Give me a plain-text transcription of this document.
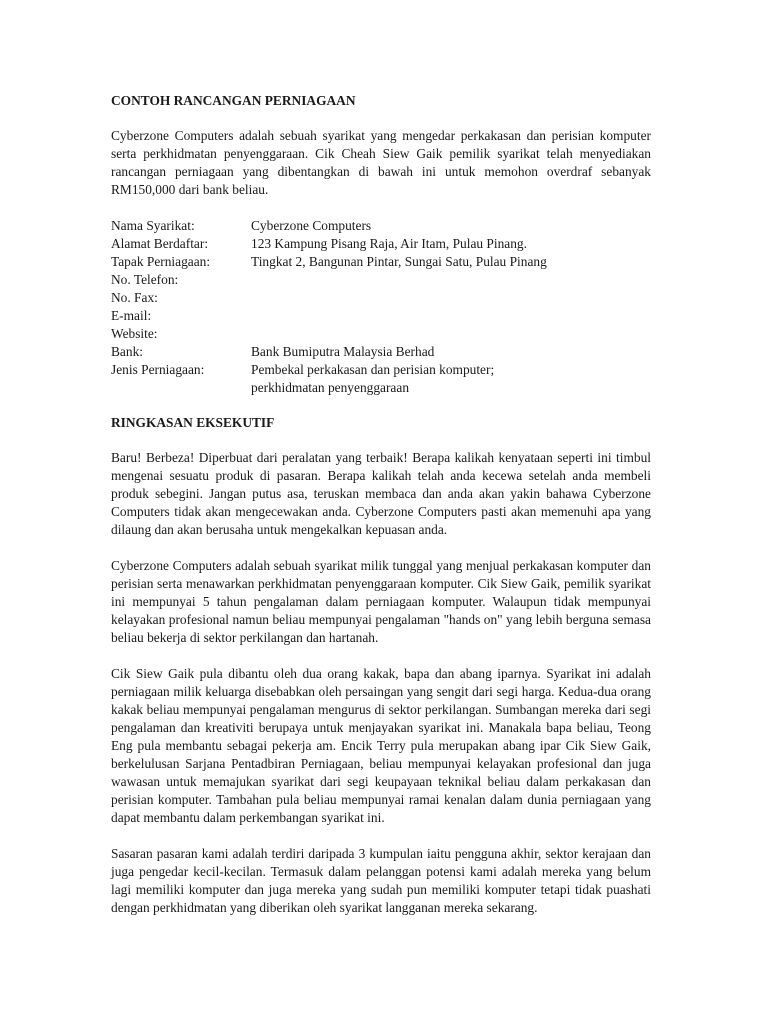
CONTOH RANCANGAN PERNIAGAAN
Cyberzone Computers adalah sebuah syarikat yang mengedar perkakasan dan perisian komputer serta perkhidmatan penyenggaraan. Cik Cheah Siew Gaik pemilik syarikat telah menyediakan rancangan perniagaan yang dibentangkan di bawah ini untuk memohon overdraf sebanyak RM150,000 dari bank beliau.
Nama Syarikat:	Cyberzone Computers
Alamat Berdaftar:	123 Kampung Pisang Raja, Air Itam, Pulau Pinang.
Tapak Perniagaan:	Tingkat 2, Bangunan Pintar, Sungai Satu, Pulau Pinang
No. Telefon:
No. Fax:
E-mail:
Website:
Bank:	Bank Bumiputra Malaysia Berhad
Jenis Perniagaan:	Pembekal perkakasan dan perisian komputer;
perkhidmatan penyenggaraan
RINGKASAN EKSEKUTIF
Baru! Berbeza! Diperbuat dari peralatan yang terbaik! Berapa kalikah kenyataan seperti ini timbul mengenai sesuatu produk di pasaran. Berapa kalikah telah anda kecewa setelah anda membeli produk sebegini. Jangan putus asa, teruskan membaca dan anda akan yakin bahawa Cyberzone Computers tidak akan mengecewakan anda. Cyberzone Computers pasti akan memenuhi apa yang dilaung dan akan berusaha untuk mengekalkan kepuasan anda.
Cyberzone Computers adalah sebuah syarikat milik tunggal yang menjual perkakasan komputer dan perisian serta menawarkan perkhidmatan penyenggaraan komputer. Cik Siew Gaik, pemilik syarikat ini mempunyai 5 tahun pengalaman dalam perniagaan komputer. Walaupun tidak mempunyai kelayakan profesional namun beliau mempunyai pengalaman "hands on" yang lebih berguna semasa beliau bekerja di sektor perkilangan dan hartanah.
Cik Siew Gaik pula dibantu oleh dua orang kakak, bapa dan abang iparnya. Syarikat ini adalah perniagaan milik keluarga disebabkan oleh persaingan yang sengit dari segi harga. Kedua-dua orang kakak beliau mempunyai pengalaman mengurus di sektor perkilangan. Sumbangan mereka dari segi pengalaman dan kreativiti berupaya untuk menjayakan syarikat ini. Manakala bapa beliau, Teong Eng pula membantu sebagai pekerja am. Encik Terry pula merupakan abang ipar Cik Siew Gaik, berkelulusan Sarjana Pentadbiran Perniagaan, beliau mempunyai kelayakan profesional dan juga wawasan untuk memajukan syarikat dari segi keupayaan teknikal beliau dalam perkakasan dan perisian komputer. Tambahan pula beliau mempunyai ramai kenalan dalam dunia perniagaan yang dapat membantu dalam perkembangan syarikat ini.
Sasaran pasaran kami adalah terdiri daripada 3 kumpulan iaitu pengguna akhir, sektor kerajaan dan juga pengedar kecil-kecilan. Termasuk dalam pelanggan potensi kami adalah mereka yang belum lagi memiliki komputer dan juga mereka yang sudah pun memiliki komputer tetapi tidak puashati dengan perkhidmatan yang diberikan oleh syarikat langganan mereka sekarang.
